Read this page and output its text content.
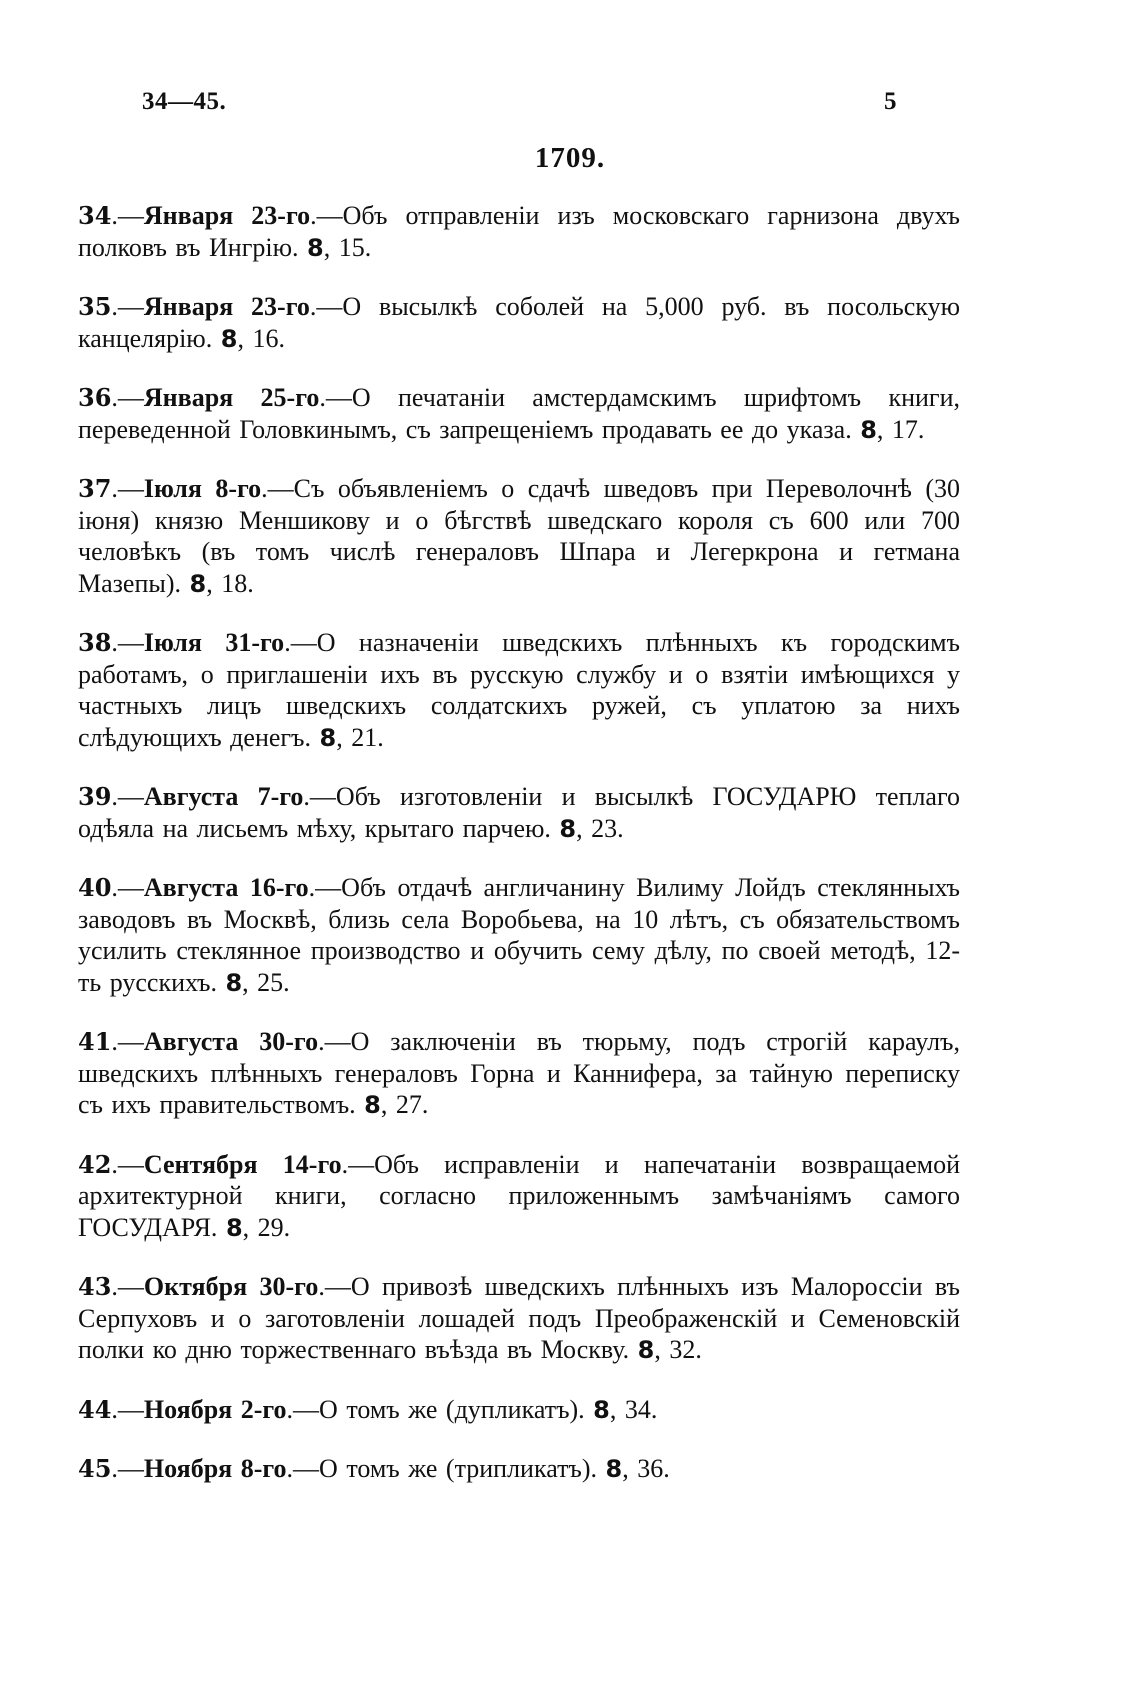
34—45.	5
1709.

34.—Января 23-го.—Объ отправленіи изъ московскаго гарнизона двухъ полковъ въ Ингрію. 8, 15.

35.—Января 23-го.—О высылкѣ соболей на 5,000 руб. въ посольскую канцелярію. 8, 16.

36.—Января 25-го.—О печатаніи амстердамскимъ шрифтомъ книги, переведенной Головкинымъ, съ запрещеніемъ продавать ее до указа. 8, 17.

37.—Іюля 8-го.—Съ объявленіемъ о сдачѣ шведовъ при Переволочнѣ (30 іюня) князю Меншикову и о бѣгствѣ шведскаго короля съ 600 или 700 человѣкъ (въ томъ числѣ генераловъ Шпара и Легеркрона и гетмана Мазепы). 8, 18.

38.—Іюля 31-го.—О назначеніи шведскихъ плѣнныхъ къ городскимъ работамъ, о приглашеніи ихъ въ русскую службу и о взятіи имѣющихся у частныхъ лицъ шведскихъ солдатскихъ ружей, съ уплатою за нихъ слѣдующихъ денегъ. 8, 21.

39.—Августа 7-го.—Объ изготовленіи и высылкѣ ГОСУДАРЮ теплаго одѣяла на лисьемъ мѣху, крытаго парчею. 8, 23.

40.—Августа 16-го.—Объ отдачѣ англичанину Вилиму Лойдъ стеклянныхъ заводовъ въ Москвѣ, близь села Воробьева, на 10 лѣтъ, съ обязательствомъ усилить стеклянное производство и обучить сему дѣлу, по своей методѣ, 12-ть русскихъ. 8, 25.

41.—Августа 30-го.—О заключеніи въ тюрьму, подъ строгій караулъ, шведскихъ плѣнныхъ генераловъ Горна и Каннифера, за тайную переписку съ ихъ правительствомъ. 8, 27.

42.—Сентября 14-го.—Объ исправленіи и напечатаніи возвращаемой архитектурной книги, согласно приложеннымъ замѣчаніямъ самого ГОСУДАРЯ. 8, 29.

43.—Октября 30-го.—О привозѣ шведскихъ плѣнныхъ изъ Малороссіи въ Серпуховъ и о заготовленіи лошадей подъ Преображенскій и Семеновскій полки ко дню торжественнаго въѣзда въ Москву. 8, 32.

44.—Ноября 2-го.—О томъ же (дупликатъ). 8, 34.

45.—Ноября 8-го.—О томъ же (трипликатъ). 8, 36.
